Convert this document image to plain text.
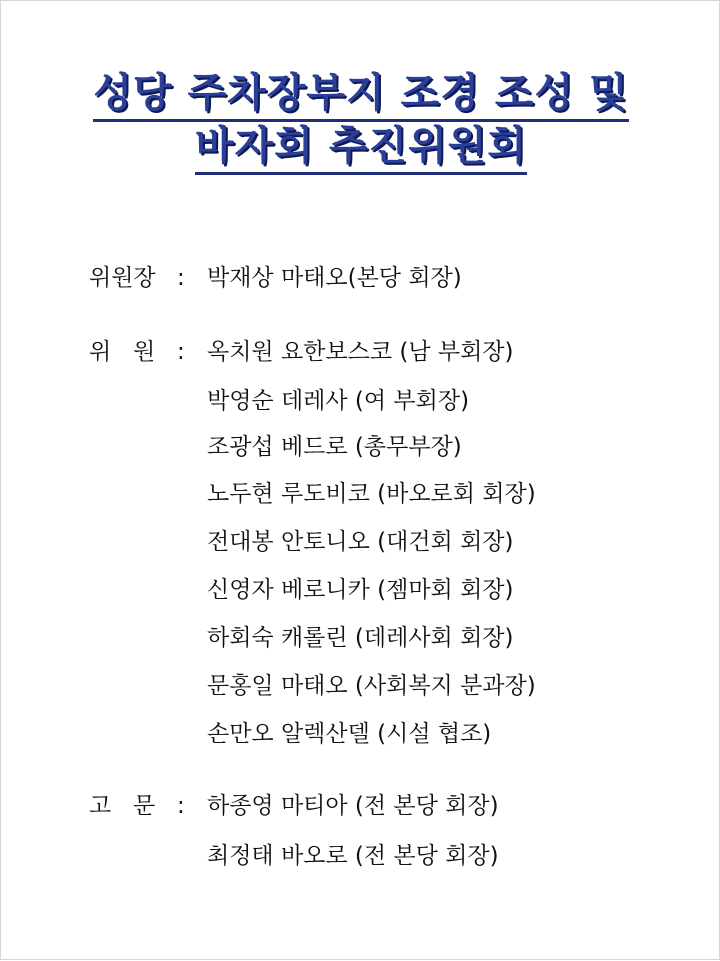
성당 주차장부지 조경 조성 및
바자회 추진위원회
위원장 : 박재상 마태오(본당 회장)
위 원 : 옥치원 요한보스코 (남 부회장)
박영순 데레사 (여 부회장)
조광섭 베드로 (총무부장)
노두현 루도비코 (바오로회 회장)
전대봉 안토니오 (대건회 회장)
신영자 베로니카 (젬마회 회장)
하회숙 캐롤린 (데레사회 회장)
문홍일 마태오 (사회복지 분과장)
손만오 알렉산델 (시설 협조)
고 문 : 하종영 마티아 (전 본당 회장)
최정태 바오로 (전 본당 회장)
